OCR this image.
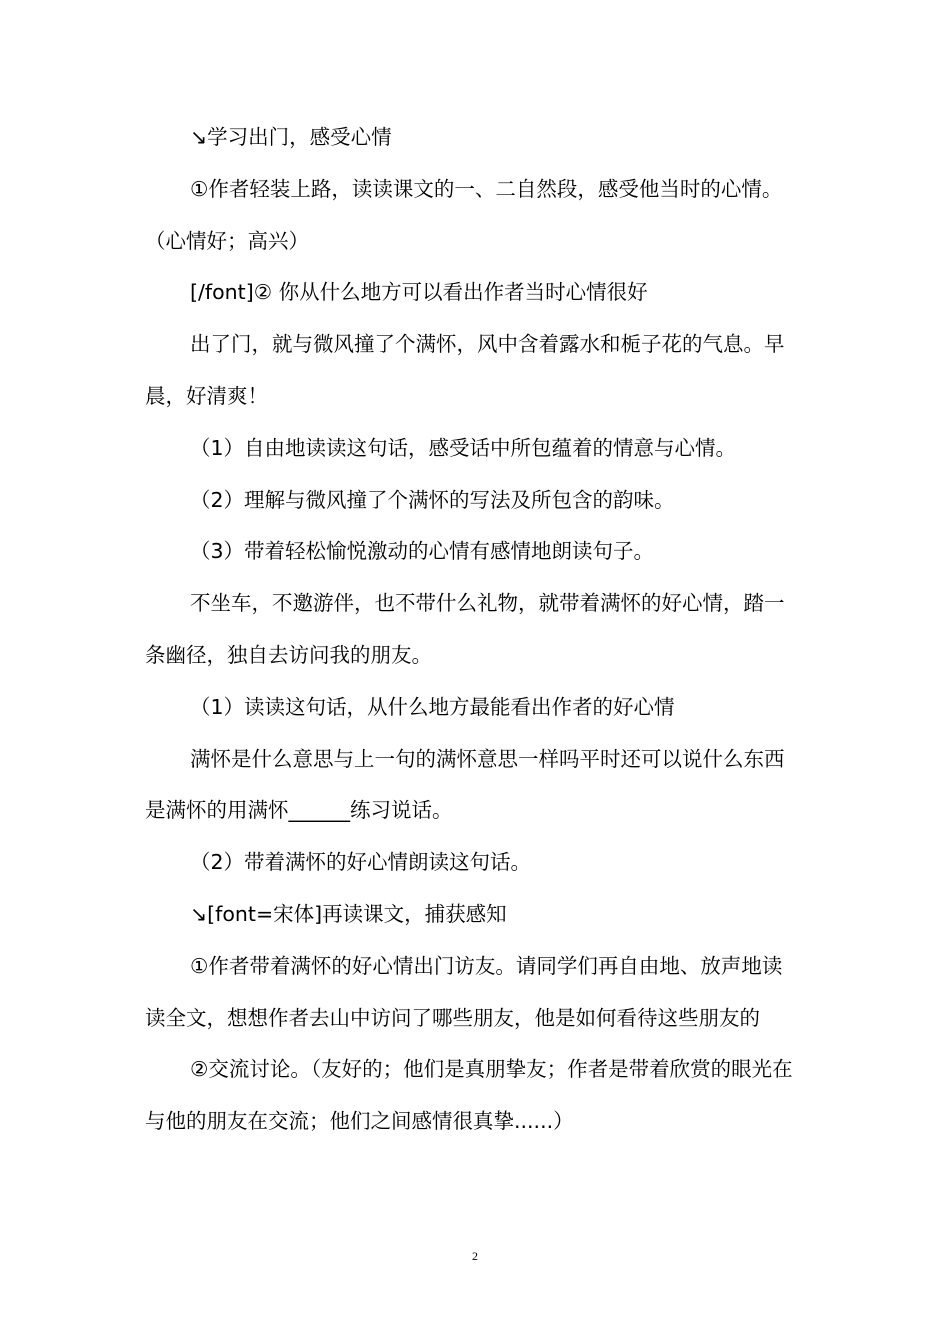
↘学习出门，感受心情

①作者轻装上路，读读课文的一、二自然段，感受他当时的心情。（心情好；高兴）

[/font]② 你从什么地方可以看出作者当时心情很好

出了门，就与微风撞了个满怀，风中含着露水和栀子花的气息。早晨，好清爽！

（1）自由地读读这句话，感受话中所包蕴着的情意与心情。

（2）理解与微风撞了个满怀的写法及所包含的韵味。

（3）带着轻松愉悦激动的心情有感情地朗读句子。

不坐车，不邀游伴，也不带什么礼物，就带着满怀的好心情，踏一条幽径，独自去访问我的朋友。

（1）读读这句话，从什么地方最能看出作者的好心情

满怀是什么意思与上一句的满怀意思一样吗平时还可以说什么东西是满怀的用满怀______练习说话。

（2）带着满怀的好心情朗读这句话。

↘[font=宋体]再读课文，捕获感知

①作者带着满怀的好心情出门访友。请同学们再自由地、放声地读读全文，想想作者去山中访问了哪些朋友，他是如何看待这些朋友的

②交流讨论。（友好的；他们是真朋挚友；作者是带着欣赏的眼光在与他的朋友在交流；他们之间感情很真挚......）

2
